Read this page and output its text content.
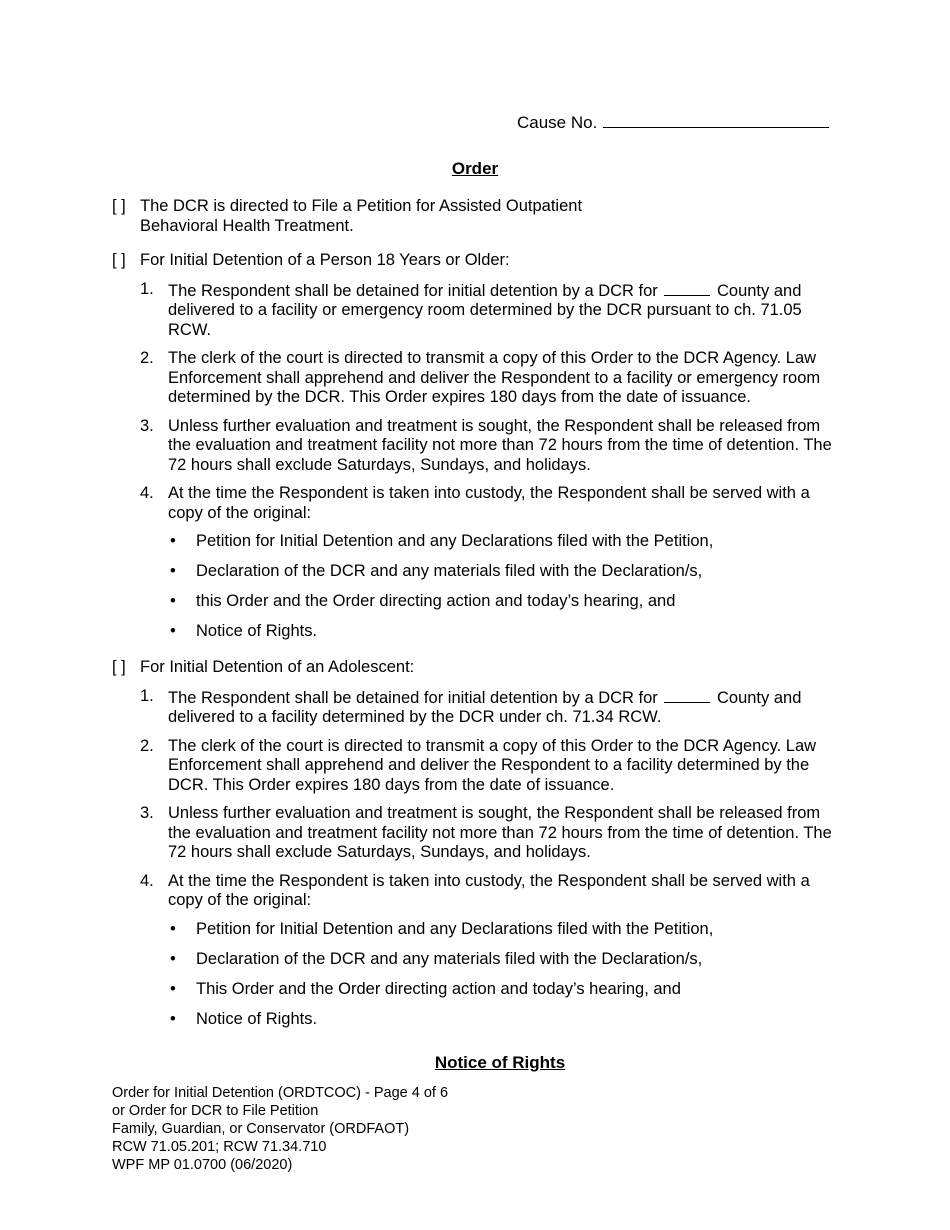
Cause No.
Order
[ ] The DCR is directed to File a Petition for Assisted Outpatient
Behavioral Health Treatment.
[ ] For Initial Detention of a Person 18 Years or Older:
1. The Respondent shall be detained for initial detention by a DCR for	County and delivered to a facility or emergency room determined by the DCR pursuant to ch. 71.05 RCW.
2. The clerk of the court is directed to transmit a copy of this Order to the DCR Agency. Law Enforcement shall apprehend and deliver the Respondent to a facility or emergency room determined by the DCR. This Order expires 180 days from the date of issuance.
3. Unless further evaluation and treatment is sought, the Respondent shall be released from the evaluation and treatment facility not more than 72 hours from the time of detention. The 72 hours shall exclude Saturdays, Sundays, and holidays.
4. At the time the Respondent is taken into custody, the Respondent shall be served with a copy of the original:
•	Petition for Initial Detention and any Declarations filed with the Petition,
•	Declaration of the DCR and any materials filed with the Declaration/s,
•	this Order and the Order directing action and today’s hearing, and
•	Notice of Rights.
[ ] For Initial Detention of an Adolescent:
1. The Respondent shall be detained for initial detention by a DCR for	County and delivered to a facility determined by the DCR under ch. 71.34 RCW.
2. The clerk of the court is directed to transmit a copy of this Order to the DCR Agency. Law Enforcement shall apprehend and deliver the Respondent to a facility determined by the DCR. This Order expires 180 days from the date of issuance.
3. Unless further evaluation and treatment is sought, the Respondent shall be released from the evaluation and treatment facility not more than 72 hours from the time of detention. The 72 hours shall exclude Saturdays, Sundays, and holidays.
4. At the time the Respondent is taken into custody, the Respondent shall be served with a copy of the original:
•	Petition for Initial Detention and any Declarations filed with the Petition,
•	Declaration of the DCR and any materials filed with the Declaration/s,
•	This Order and the Order directing action and today’s hearing, and
•	Notice of Rights.
Notice of Rights
Order for Initial Detention (ORDTCOC) - Page 4 of 6
or Order for DCR to File Petition
Family, Guardian, or Conservator (ORDFAOT)
RCW 71.05.201; RCW 71.34.710
WPF MP 01.0700 (06/2020)
